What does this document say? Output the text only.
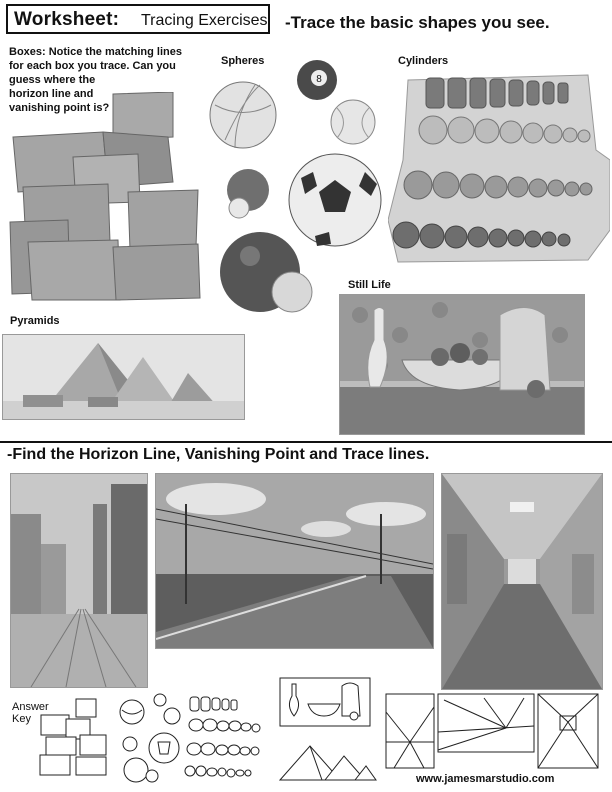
Worksheet: Tracing Exercises -Trace the basic shapes you see.
Boxes: Notice the matching lines
for each box you trace. Can you
guess where the
horizon line and
vanishing point is?
Spheres
8
Cylinders
Pyramids
Still Life
-Find the Horizon Line, Vanishing Point and Trace lines.
Answer
Key
www.jamesmarstudio.com
